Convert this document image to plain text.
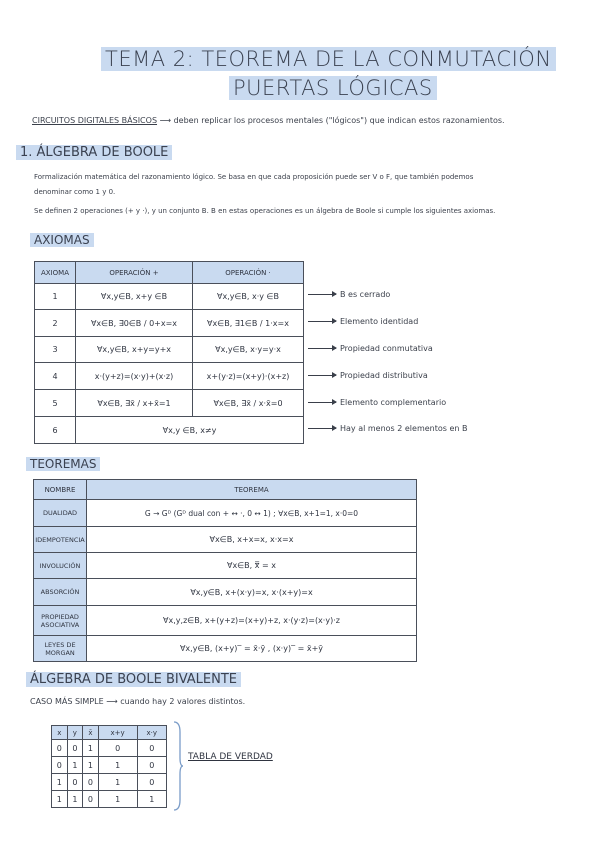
TEMA 2: TEOREMA DE LA CONMUTACIÓN
PUERTAS LÓGICAS
CIRCUITOS DIGITALES BÁSICOS ⟶ deben replicar los procesos mentales ("lógicos") que indican estos razonamientos.
1. ÁLGEBRA DE BOOLE
Formalización matemática del razonamiento lógico. Se basa en que cada proposición puede ser V o F, que también podemos
denominar como 1 y 0.
Se definen 2 operaciones (+ y ·), y un conjunto B. B en estas operaciones es un álgebra de Boole si cumple los siguientes axiomas.
AXIOMAS
AXIOMA	OPERACIÓN +	OPERACIÓN ·
1	∀x,y∈B, x+y ∈B	∀x,y∈B, x·y ∈B
2	∀x∈B, ∃0∈B / 0+x=x	∀x∈B, ∃1∈B / 1·x=x
3	∀x,y∈B, x+y=y+x	∀x,y∈B, x·y=y·x
4	x·(y+z)=(x·y)+(x·z)	x+(y·z)=(x+y)·(x+z)
5	∀x∈B, ∃x̄ / x+x̄=1	∀x∈B, ∃x̄ / x·x̄=0
6	∀x,y ∈B, x≠y	
B es cerrado
Elemento identidad
Propiedad conmutativa
Propiedad distributiva
Elemento complementario
Hay al menos 2 elementos en B
TEOREMAS
NOMBRE	TEOREMA
DUALIDAD	G → Gᴰ (Gᴰ dual con + ↔ ·, 0 ↔ 1) ; ∀x∈B, x+1=1, x·0=0
IDEMPOTENCIA	∀x∈B, x+x=x, x·x=x
INVOLUCIÓN	∀x∈B, x̿ = x
ABSORCIÓN	∀x,y∈B, x+(x·y)=x, x·(x+y)=x
PROPIEDAD ASOCIATIVA	∀x,y,z∈B, x+(y+z)=(x+y)+z, x·(y·z)=(x·y)·z
LEYES DE MORGAN	∀x,y∈B, (x+y)‾ = x̄·ȳ , (x·y)‾ = x̄+ȳ
ÁLGEBRA DE BOOLE BIVALENTE
CASO MÁS SIMPLE ⟶ cuando hay 2 valores distintos.
x	y	x̄	x+y	x·y
0	0	1	0	0
0	1	1	1	0
1	0	0	1	0
1	1	0	1	1
TABLA DE VERDAD
